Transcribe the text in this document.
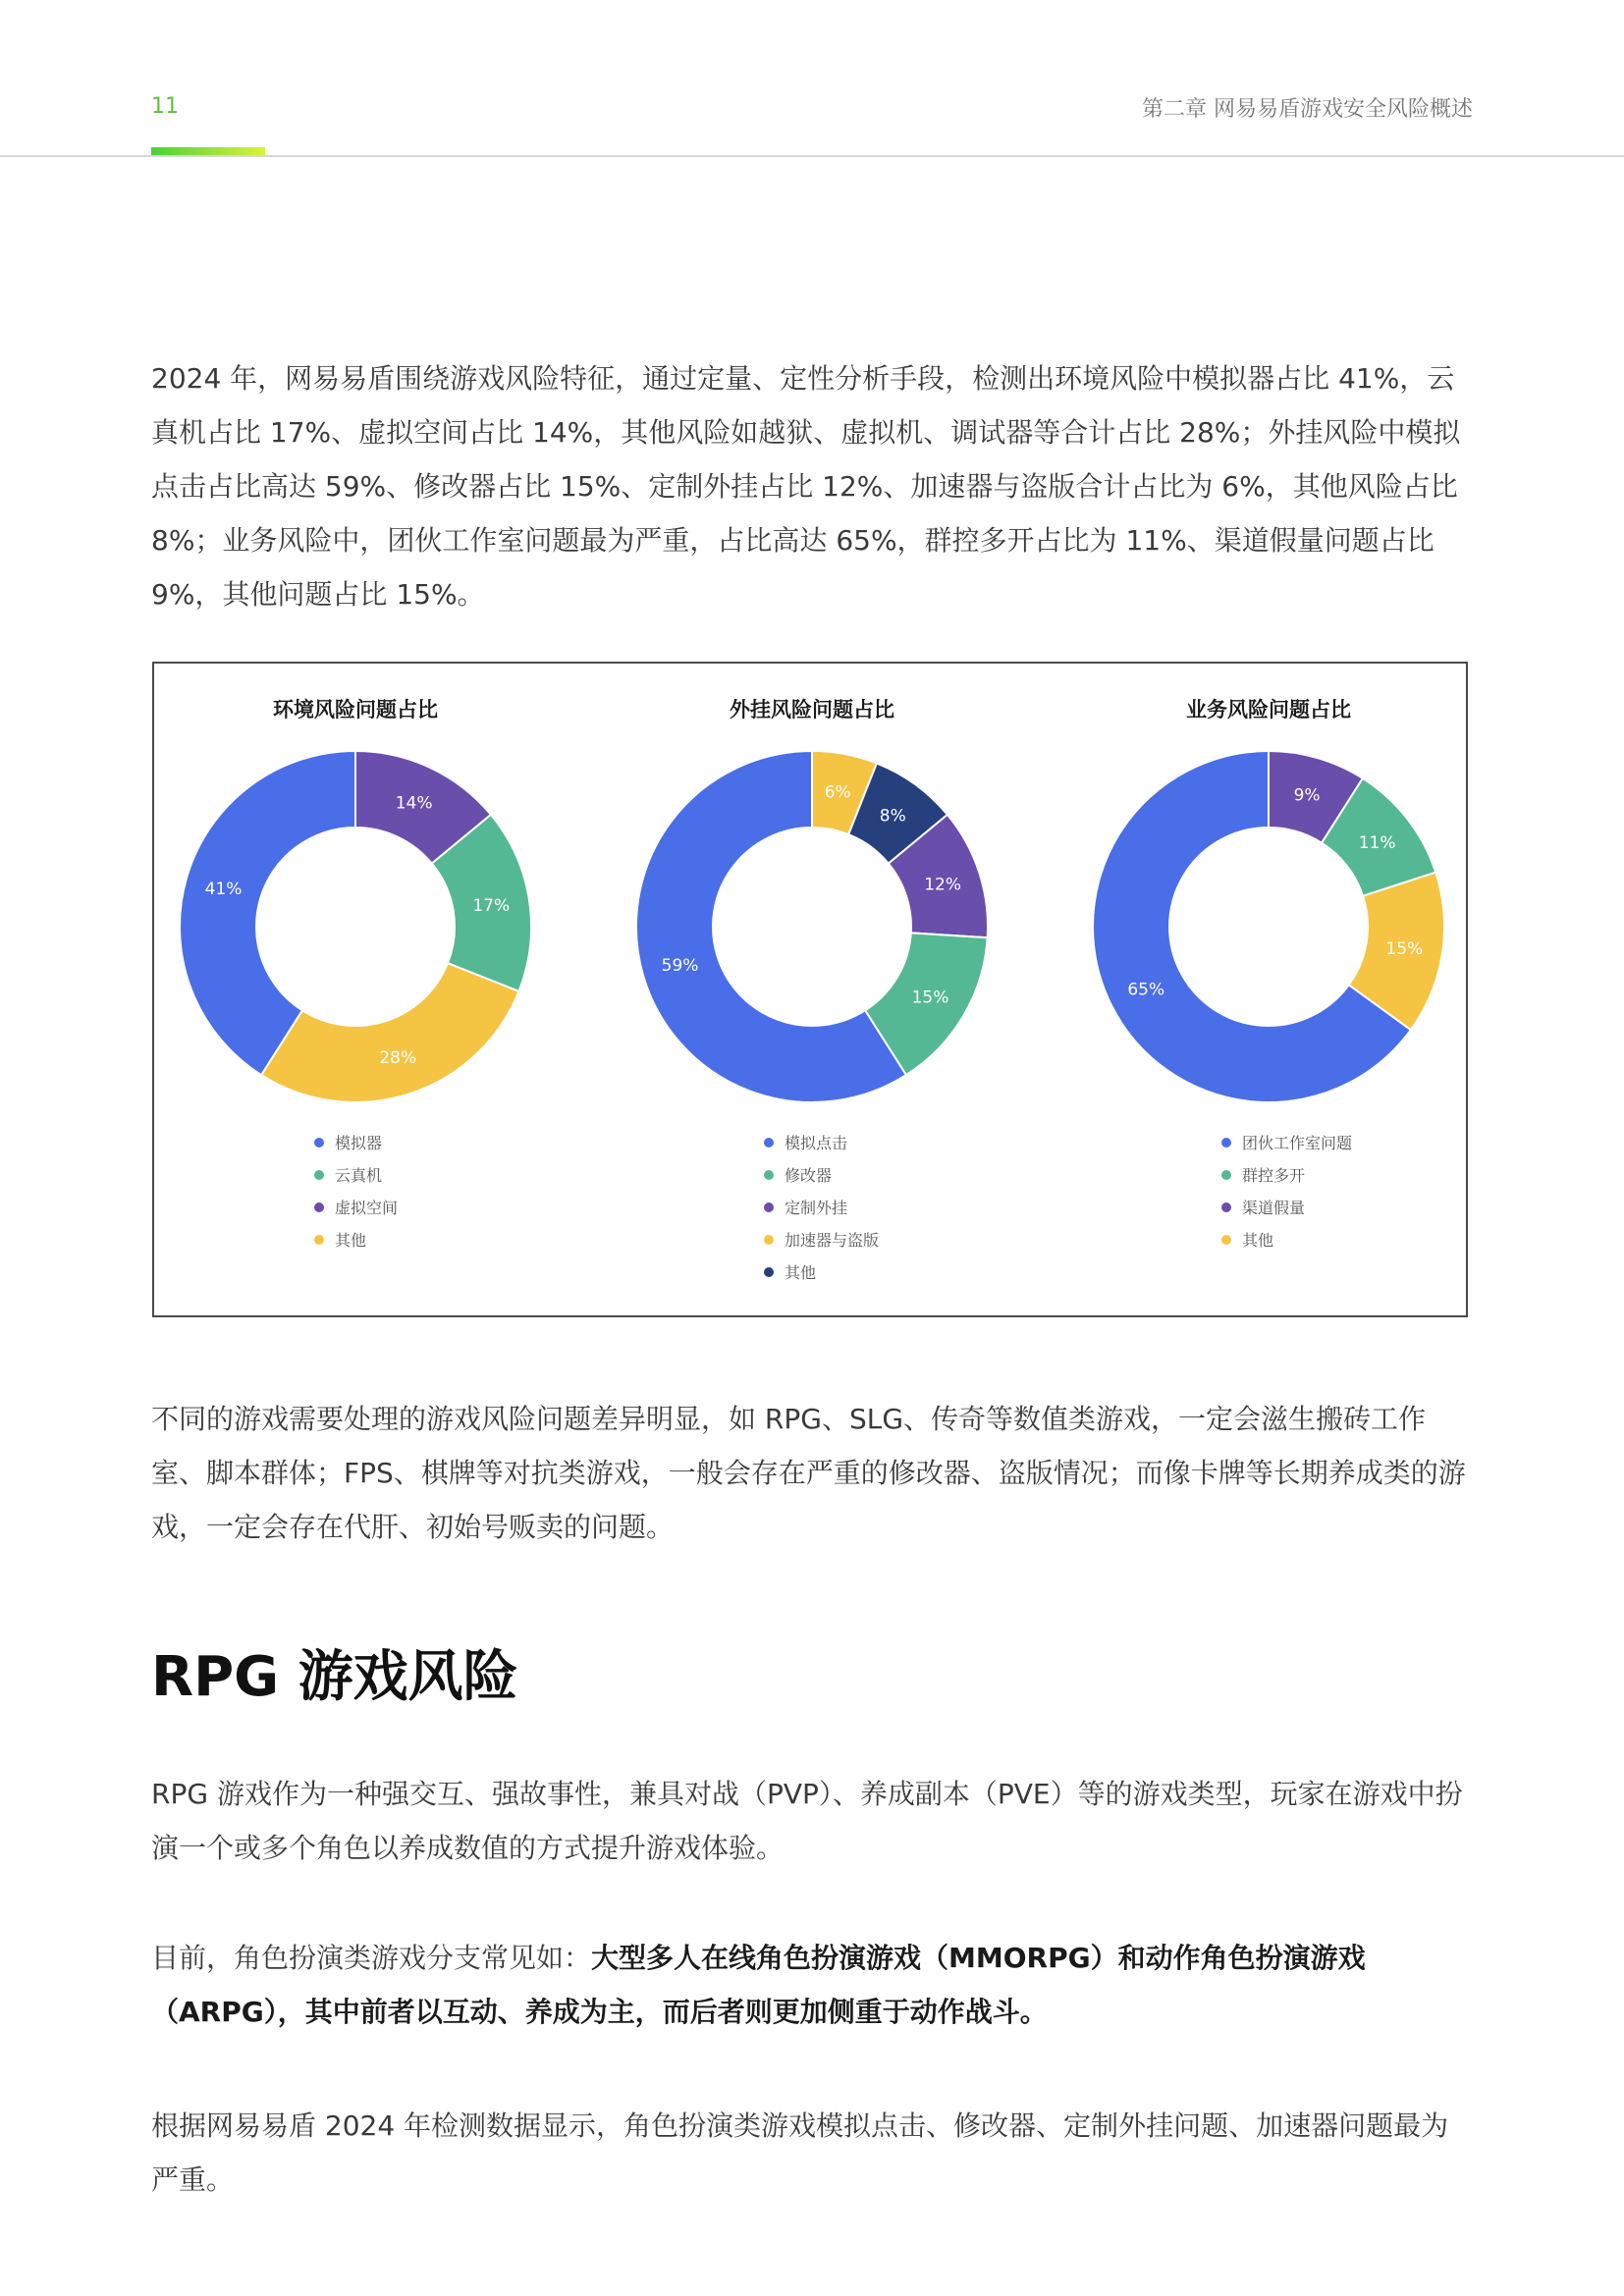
11	第二章 网易易盾游戏安全风险概述

2024 年，网易易盾围绕游戏风险特征，通过定量、定性分析手段，检测出环境风险中模拟器占比 41%，云真机占比 17%、虚拟空间占比 14%，其他风险如越狱、虚拟机、调试器等合计占比 28%；外挂风险中模拟点击占比高达 59%、修改器占比 15%、定制外挂占比 12%、加速器与盗版合计占比为 6%，其他风险占比 8%；业务风险中，团伙工作室问题最为严重，占比高达 65%，群控多开占比为 11%、渠道假量问题占比 9%，其他问题占比 15%。

环境风险问题占比
14%
17%
28%
41%
模拟器
云真机
虚拟空间
其他
外挂风险问题占比
6%
8%
12%
15%
59%
模拟点击
修改器
定制外挂
加速器与盗版
其他
业务风险问题占比
9%
11%
15%
65%
团伙工作室问题
群控多开
渠道假量
其他

不同的游戏需要处理的游戏风险问题差异明显，如 RPG、SLG、传奇等数值类游戏，一定会滋生搬砖工作室、脚本群体；FPS、棋牌等对抗类游戏，一般会存在严重的修改器、盗版情况；而像卡牌等长期养成类的游戏，一定会存在代肝、初始号贩卖的问题。

RPG 游戏风险

RPG 游戏作为一种强交互、强故事性，兼具对战（PVP）、养成副本（PVE）等的游戏类型，玩家在游戏中扮演一个或多个角色以养成数值的方式提升游戏体验。

目前，角色扮演类游戏分支常见如：大型多人在线角色扮演游戏（MMORPG）和动作角色扮演游戏（ARPG），其中前者以互动、养成为主，而后者则更加侧重于动作战斗。

根据网易易盾 2024 年检测数据显示，角色扮演类游戏模拟点击、修改器、定制外挂问题、加速器问题最为严重。
